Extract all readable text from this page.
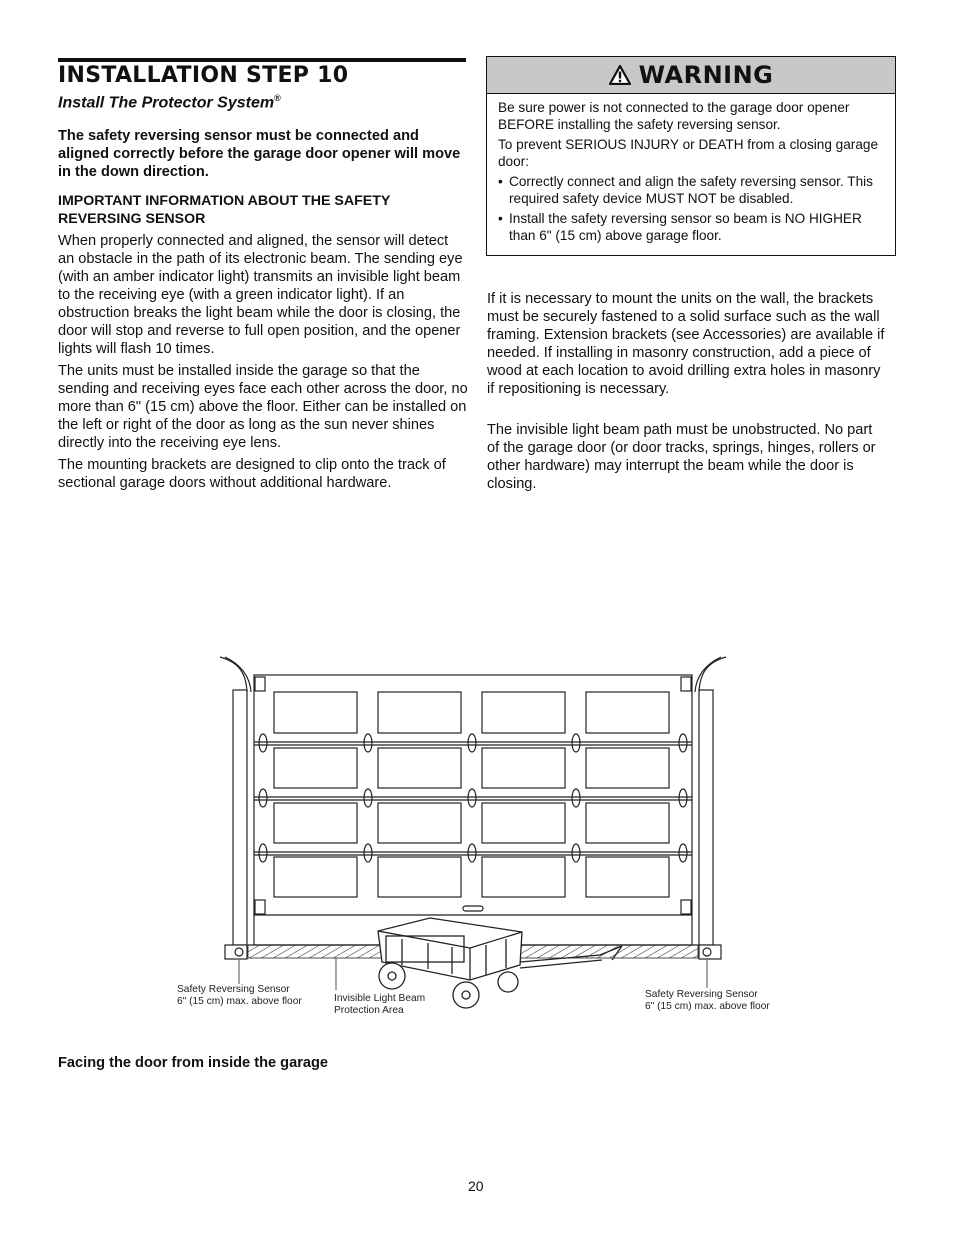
INSTALLATION STEP 10
Install The Protector System®

The safety reversing sensor must be connected and aligned correctly before the garage door opener will move in the down direction.

IMPORTANT INFORMATION ABOUT THE SAFETY REVERSING SENSOR

When properly connected and aligned, the sensor will detect an obstacle in the path of its electronic beam. The sending eye (with an amber indicator light) transmits an invisible light beam to the receiving eye (with a green indicator light). If an obstruction breaks the light beam while the door is closing, the door will stop and reverse to full open position, and the opener lights will flash 10 times.

The units must be installed inside the garage so that the sending and receiving eyes face each other across the door, no more than 6" (15 cm) above the floor. Either can be installed on the left or right of the door as long as the sun never shines directly into the receiving eye lens.

The mounting brackets are designed to clip onto the track of sectional garage doors without additional hardware.

WARNING

Be sure power is not connected to the garage door opener BEFORE installing the safety reversing sensor.

To prevent SERIOUS INJURY or DEATH from a closing garage door:

• Correctly connect and align the safety reversing sensor. This required safety device MUST NOT be disabled.
• Install the safety reversing sensor so beam is NO HIGHER than 6" (15 cm) above garage floor.

If it is necessary to mount the units on the wall, the brackets must be securely fastened to a solid surface such as the wall framing. Extension brackets (see Accessories) are available if needed. If installing in masonry construction, add a piece of wood at each location to avoid drilling extra holes in masonry if repositioning is necessary.

The invisible light beam path must be unobstructed. No part of the garage door (or door tracks, springs, hinges, rollers or other hardware) may interrupt the beam while the door is closing.

Safety Reversing Sensor
6" (15 cm) max. above floor	Invisible Light Beam
Protection Area
Safety Reversing Sensor
6" (15 cm) max. above floor
Facing the door from inside the garage
20
